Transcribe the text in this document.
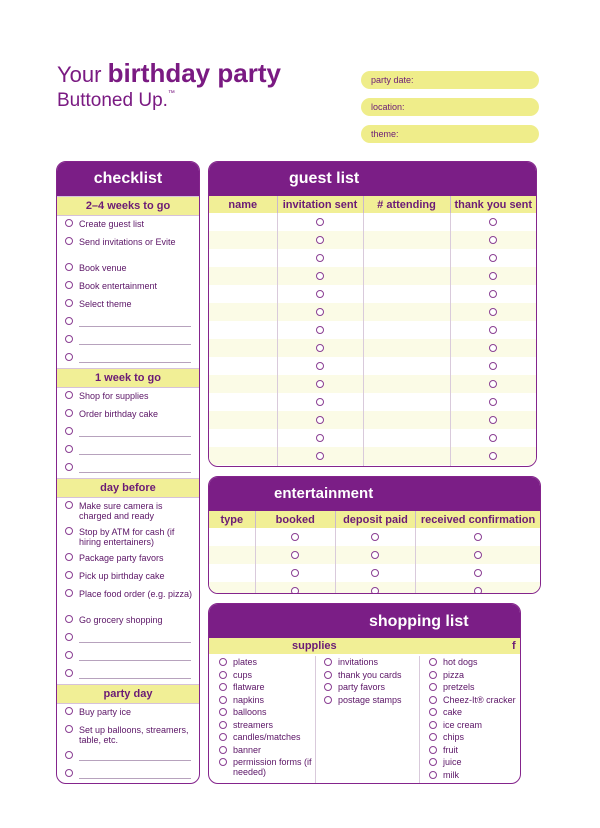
Your birthday party
Buttoned Up.™
party date:
location:
theme:
checklist
2–4 weeks to go
Create guest list
Send invitations or Evite
Book venue
Book entertainment
Select theme
1 week to go
Shop for supplies
Order birthday cake
day before
Make sure camera is charged and ready
Stop by ATM for cash (if hiring entertainers)
Package party favors
Pick up birthday cake
Place food order (e.g. pizza)
Go grocery shopping
party day
Buy party ice
Set up balloons, streamers, table, etc.
guest list
name	invitation sent	# attending	thank you sent

entertainment
type	booked	deposit paid	received confirmation

shopping list
supplies	f
plates
cups
flatware
napkins
balloons
streamers
candles/matches
banner
permission forms (if needed)
invitations
thank you cards
party favors
postage stamps
hot dogs
pizza
pretzels
Cheez-It® cracker
cake
ice cream
chips
fruit
juice
milk
